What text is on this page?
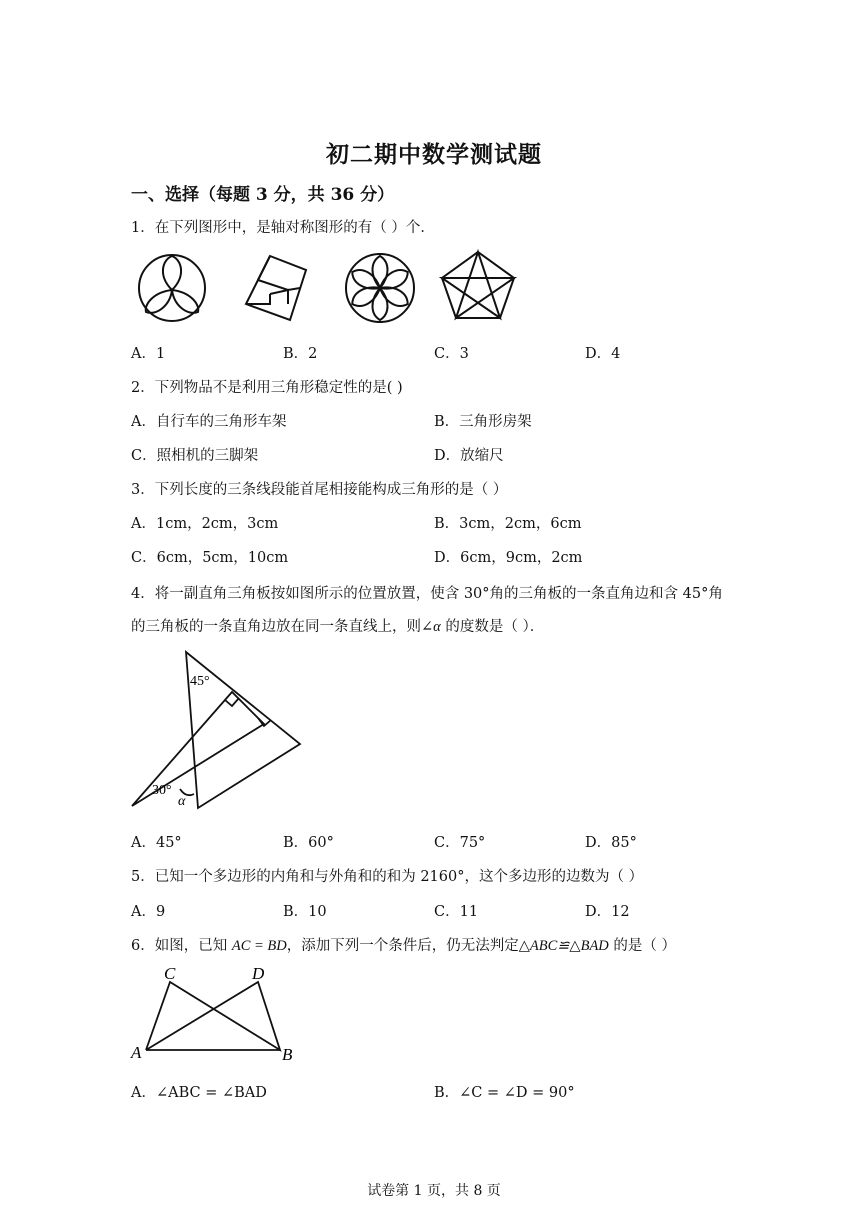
初二期中数学测试题
一、选择（每题 3 分，共 36 分）
1．在下列图形中，是轴对称图形的有（ ）个．
A．1	B．2	C．3	D．4
2．下列物品不是利用三角形稳定性的是( )
A．自行车的三角形车架	B．三角形房架
C．照相机的三脚架	D．放缩尺
3．下列长度的三条线段能首尾相接能构成三角形的是（ ）
A．1cm，2cm，3cm	B．3cm，2cm，6cm
C．6cm，5cm，10cm	D．6cm，9cm，2cm
4．将一副直角三角板按如图所示的位置放置，使含 30°角的三角板的一条直角边和含 45°角
的三角板的一条直角边放在同一条直线上，则∠α 的度数是（ ）．
45°
30°
α
A．45°	B．60°	C．75°	D．85°
5．已知一个多边形的内角和与外角和的和为 2160°，这个多边形的边数为（ ）
A．9	B．10	C．11	D．12
6．如图，已知 AC = BD，添加下列一个条件后，仍无法判定△ABC≌△BAD 的是（ ）
C	D
A	B
A．∠ABC = ∠BAD	B．∠C = ∠D = 90°
试卷第 1 页，共 8 页
